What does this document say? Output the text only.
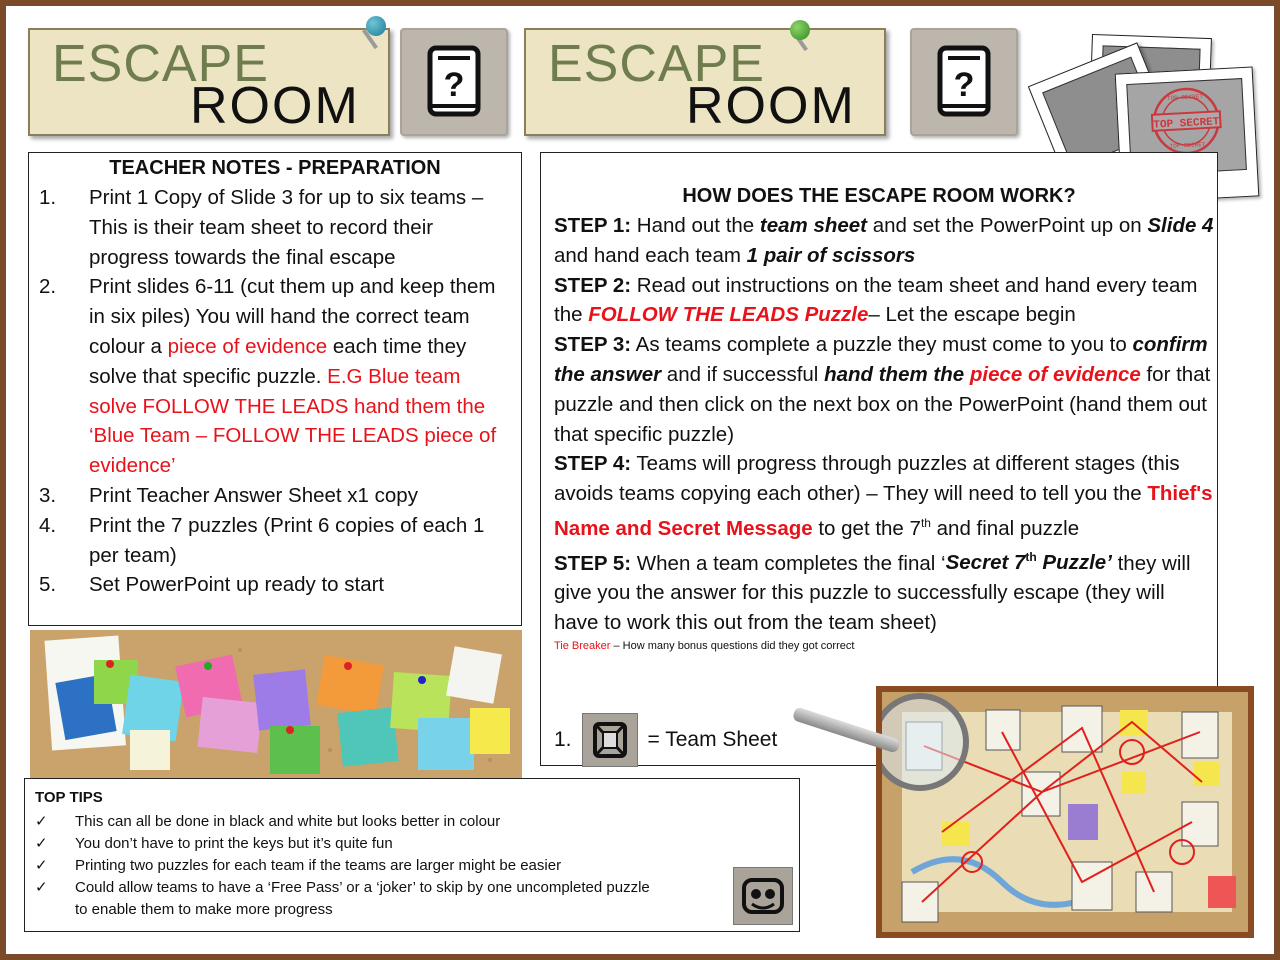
ESCAPE
ROOM ? ESCAPE
ROOM	?
TOP SECRET
TOP SECRET
TOP SECRET
TEACHER NOTES - PREPARATION
1.	Print 1 Copy of Slide 3 for up to six teams – This is their team sheet to record their progress towards the final escape
2.	Print slides 6-11 (cut them up and keep them in six piles) You will hand the correct team colour a piece of evidence each time they solve that specific puzzle. E.G Blue team solve FOLLOW THE LEADS hand them the ‘Blue Team – FOLLOW THE LEADS piece of evidence’
3.	Print Teacher Answer Sheet x1 copy
4.	Print the 7 puzzles (Print 6 copies of each 1 per team)
5.	Set PowerPoint up ready to start
HOW DOES THE ESCAPE ROOM WORK?

STEP 1: Hand out the team sheet and set the PowerPoint up on Slide 4 and hand each team 1 pair of scissors

STEP 2: Read out instructions on the team sheet and hand every team the FOLLOW THE LEADS Puzzle– Let the escape begin

STEP 3: As teams complete a puzzle they must come to you to confirm the answer and if successful hand them the piece of evidence for that puzzle and then click on the next box on the PowerPoint (hand them out that specific puzzle)

STEP 4: Teams will progress through puzzles at different stages (this avoids teams copying each other) – They will need to tell you the Thief's Name and Secret Message to get the 7th and final puzzle

STEP 5: When a team completes the final ‘Secret 7th Puzzle’ they will give you the answer for this puzzle to successfully escape (they will have to work this out from the team sheet)

Tie Breaker – How many bonus questions did they got correct
1.	= Team Sheet
TOP TIPS
✓	This can all be done in black and white but looks better in colour
✓	You don’t have to print the keys but it’s quite fun
✓	Printing two puzzles for each team if the teams are larger might be easier
✓	Could allow teams to have a ‘Free Pass’ or a ‘joker’ to skip by one uncompleted puzzle
to enable them to make more progress
